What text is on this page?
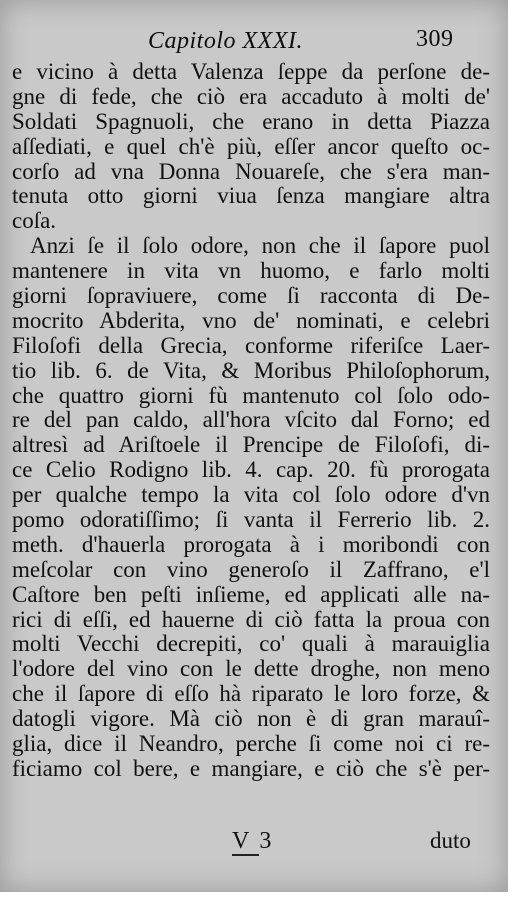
Capitolo XXXI.	309
e vicino à detta Valenza ſeppe da perſone de-
gne di fede, che ciò era accaduto à molti de'
Soldati Spagnuoli, che erano in detta Piazza
aſſediati, e quel ch'è più, eſſer ancor queſto oc-
corſo ad vna Donna Nouareſe, che s'era man-
tenuta otto giorni viua ſenza mangiare altra
coſa.
Anzi ſe il ſolo odore, non che il ſapore puol
mantenere in vita vn huomo, e farlo molti
giorni ſopraviuere, come ſi racconta di De-
mocrito Abderita, vno de' nominati, e celebri
Filoſofi della Grecia, conforme riferiſce Laer-
tio lib. 6. de Vita, & Moribus Philoſophorum,
che quattro giorni fù mantenuto col ſolo odo-
re del pan caldo, all'hora vſcito dal Forno; ed
altresì ad Ariſtoele il Prencipe de Filoſofi, di-
ce Celio Rodigno lib. 4. cap. 20. fù prorogata
per qualche tempo la vita col ſolo odore d'vn
pomo odoratiſſimo; ſi vanta il Ferrerio lib. 2.
meth. d'hauerla prorogata à i moribondi con
meſcolar con vino generoſo il Zaffrano, e'l
Caſtore ben peſti inſieme, ed applicati alle na-
rici di eſſi, ed hauerne di ciò fatta la proua con
molti Vecchi decrepiti, co' quali à marauiglia
l'odore del vino con le dette droghe, non meno
che il ſapore di eſſo hà riparato le loro forze, &
datogli vigore. Mà ciò non è di gran marauî-
glia, dice il Neandro, perche ſi come noi ci re-
ficiamo col bere, e mangiare, e ciò che s'è per-
V3	duto
